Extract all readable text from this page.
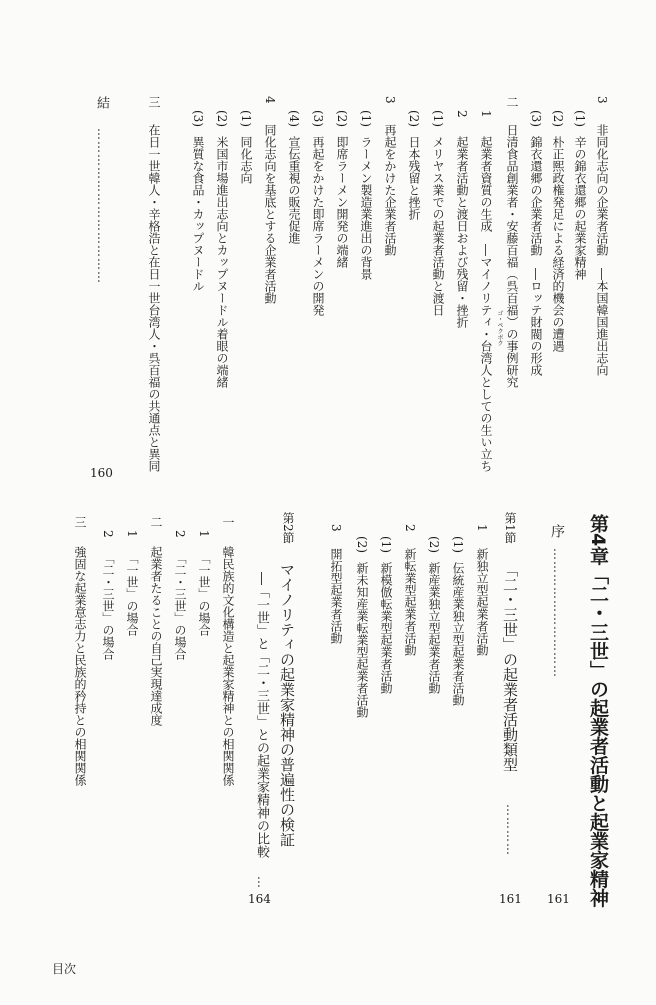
3
非同化志向の企業者活動　―本国韓国進出志向
(1)
辛の錦衣還郷の起業家精神
(2)
朴正煕政権発足による経済的機会の遭遇
(3)
錦衣還郷の企業者活動　―ロッテ財閥の形成
二
日清食品創業者・安藤百福（呉百福）の事例研究
ゴ・ペクボク
1
起業者資質の生成　―マイノリティ・台湾人としての生い立ち
2
起業者活動と渡日および残留・挫折
(1)
メリヤス業での起業者活動と渡日
(2)
日本残留と挫折
3
再起をかけた企業者活動
(1)
ラーメン製造業進出の背景
(2)
即席ラーメン開発の端緒
(3)
再起をかけた即席ラーメンの開発
(4)
宣伝重視の販売促進
4
同化志向を基底とする企業者活動
(1)
同化志向
(2)
米国市場進出志向とカップヌードル着眼の端緒
(3)
異質な食品・カップヌードル
三
在日一世韓人・辛格浩と在日一世台湾人・呉百福の共通点と異同
結
………………………………
160
第4章「二・三世」の起業者活動と起業家精神
序
…………………………
161
第1節
「二・三世」の起業者活動類型
…………
161
1
新独立型起業者活動
(1)
伝統産業独立型起業者活動
(2)
新産業独立型起業者活動
2
新転業型起業者活動
(1)
新模倣転業型起業者活動
(2)
新未知産業転業型起業者活動
3
開拓型起業者活動
第2節
マイノリティの起業家精神の普遍性の検証
―「一世」と「二・三世」との起業家精神の比較
…
164
一
韓民族的文化構造と起業家精神との相関関係
1
「一世」の場合
2
「二・三世」の場合
二
起業者たることの自己実現達成度
1
「一世」の場合
2
「二・三世」の場合
三
強固な起業意志力と民族的矜持との相関関係
目次
